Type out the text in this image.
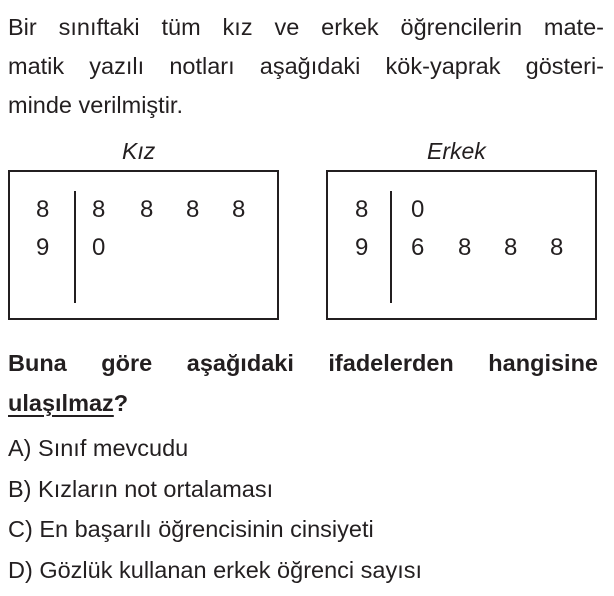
Bir sınıftaki tüm kız ve erkek öğrencilerin mate-
matik yazılı notları aşağıdaki kök-yaprak gösteri-
minde verilmiştir.
Kız
8 8 8 8 8
9 0
Erkek
8 0
9 6 8 8 8
Buna göre aşağıdaki ifadelerden hangisine
ulaşılmaz?
A) Sınıf mevcudu
B) Kızların not ortalaması
C) En başarılı öğrencisinin cinsiyeti
D) Gözlük kullanan erkek öğrenci sayısı
